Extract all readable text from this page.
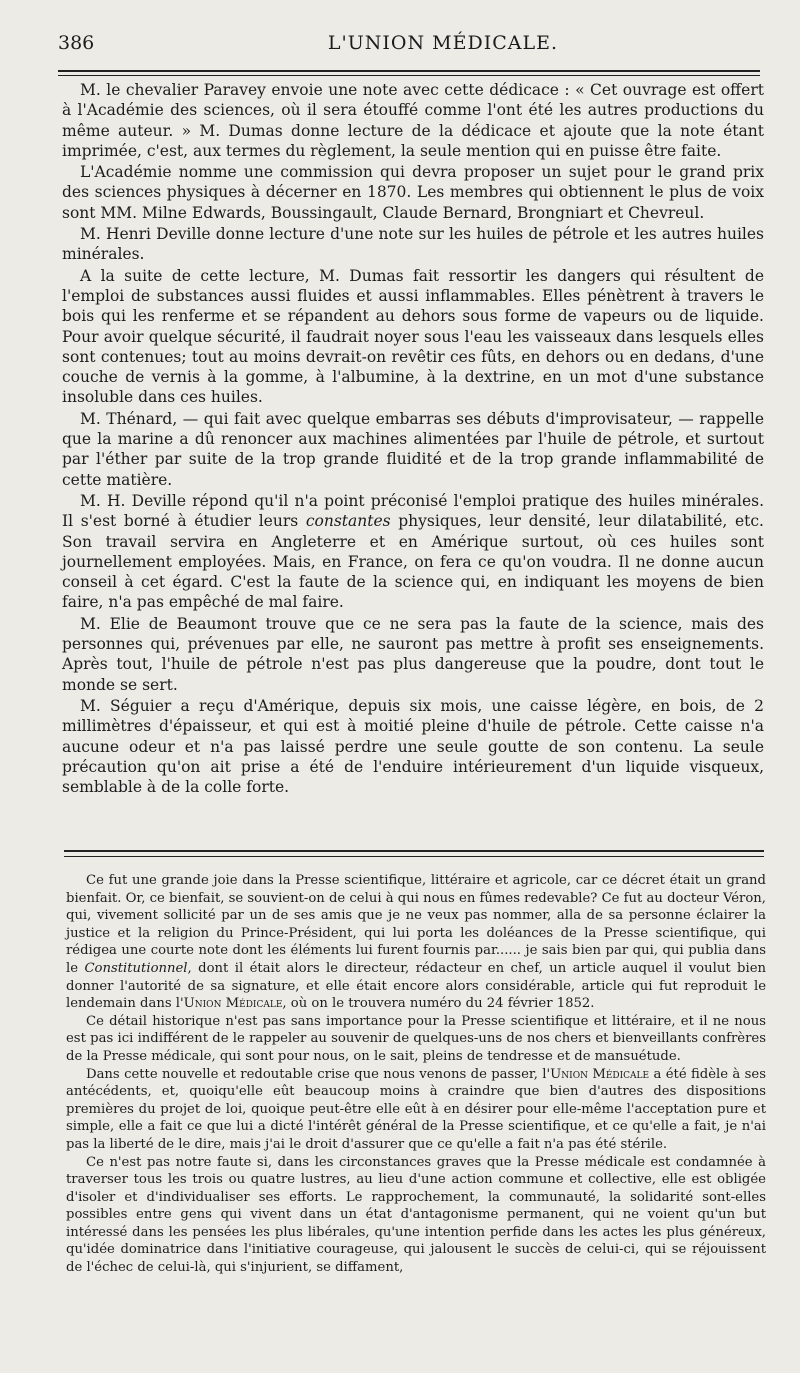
386	L'UNION MÉDICALE.

M. le chevalier Paravey envoie une note avec cette dédicace : « Cet ouvrage est offert à l'Académie des sciences, où il sera étouffé comme l'ont été les autres productions du même auteur. » M. Dumas donne lecture de la dédicace et ajoute que la note étant imprimée, c'est, aux termes du règlement, la seule mention qui en puisse être faite.

L'Académie nomme une commission qui devra proposer un sujet pour le grand prix des sciences physiques à décerner en 1870. Les membres qui obtiennent le plus de voix sont MM. Milne Edwards, Boussingault, Claude Bernard, Brongniart et Chevreul.

M. Henri Deville donne lecture d'une note sur les huiles de pétrole et les autres huiles minérales.

A la suite de cette lecture, M. Dumas fait ressortir les dangers qui résultent de l'emploi de substances aussi fluides et aussi inflammables. Elles pénètrent à travers le bois qui les renferme et se répandent au dehors sous forme de vapeurs ou de liquide. Pour avoir quelque sécurité, il faudrait noyer sous l'eau les vaisseaux dans lesquels elles sont contenues; tout au moins devrait-on revêtir ces fûts, en dehors ou en dedans, d'une couche de vernis à la gomme, à l'albumine, à la dextrine, en un mot d'une substance insoluble dans ces huiles.

M. Thénard, — qui fait avec quelque embarras ses débuts d'improvisateur, — rappelle que la marine a dû renoncer aux machines alimentées par l'huile de pétrole, et surtout par l'éther par suite de la trop grande fluidité et de la trop grande inflammabilité de cette matière.

M. H. Deville répond qu'il n'a point préconisé l'emploi pratique des huiles minérales. Il s'est borné à étudier leurs constantes physiques, leur densité, leur dilatabilité, etc. Son travail servira en Angleterre et en Amérique surtout, où ces huiles sont journellement employées. Mais, en France, on fera ce qu'on voudra. Il ne donne aucun conseil à cet égard. C'est la faute de la science qui, en indiquant les moyens de bien faire, n'a pas empêché de mal faire.

M. Elie de Beaumont trouve que ce ne sera pas la faute de la science, mais des personnes qui, prévenues par elle, ne sauront pas mettre à profit ses enseignements. Après tout, l'huile de pétrole n'est pas plus dangereuse que la poudre, dont tout le monde se sert.

M. Séguier a reçu d'Amérique, depuis six mois, une caisse légère, en bois, de 2 millimètres d'épaisseur, et qui est à moitié pleine d'huile de pétrole. Cette caisse n'a aucune odeur et n'a pas laissé perdre une seule goutte de son contenu. La seule précaution qu'on ait prise a été de l'enduire intérieurement d'un liquide visqueux, semblable à de la colle forte.

Ce fut une grande joie dans la Presse scientifique, littéraire et agricole, car ce décret était un grand bienfait. Or, ce bienfait, se souvient-on de celui à qui nous en fûmes redevable? Ce fut au docteur Véron, qui, vivement sollicité par un de ses amis que je ne veux pas nommer, alla de sa personne éclairer la justice et la religion du Prince-Président, qui lui porta les doléances de la Presse scientifique, qui rédigea une courte note dont les éléments lui furent fournis par...... je sais bien par qui, qui publia dans le Constitutionnel, dont il était alors le directeur, rédacteur en chef, un article auquel il voulut bien donner l'autorité de sa signature, et elle était encore alors considérable, article qui fut reproduit le lendemain dans l'Union Médicale, où on le trouvera numéro du 24 février 1852.

Ce détail historique n'est pas sans importance pour la Presse scientifique et littéraire, et il ne nous est pas ici indifférent de le rappeler au souvenir de quelques-uns de nos chers et bienveillants confrères de la Presse médicale, qui sont pour nous, on le sait, pleins de tendresse et de mansuétude.

Dans cette nouvelle et redoutable crise que nous venons de passer, l'Union Médicale a été fidèle à ses antécédents, et, quoiqu'elle eût beaucoup moins à craindre que bien d'autres des dispositions premières du projet de loi, quoique peut-être elle eût à en désirer pour elle-même l'acceptation pure et simple, elle a fait ce que lui a dicté l'intérêt général de la Presse scientifique, et ce qu'elle a fait, je n'ai pas la liberté de le dire, mais j'ai le droit d'assurer que ce qu'elle a fait n'a pas été stérile.

Ce n'est pas notre faute si, dans les circonstances graves que la Presse médicale est condamnée à traverser tous les trois ou quatre lustres, au lieu d'une action commune et collective, elle est obligée d'isoler et d'individualiser ses efforts. Le rapprochement, la communauté, la solidarité sont-elles possibles entre gens qui vivent dans un état d'antagonisme permanent, qui ne voient qu'un but intéressé dans les pensées les plus libérales, qu'une intention perfide dans les actes les plus généreux, qu'idée dominatrice dans l'initiative courageuse, qui jalousent le succès de celui-ci, qui se réjouissent de l'échec de celui-là, qui s'injurient, se diffament,
